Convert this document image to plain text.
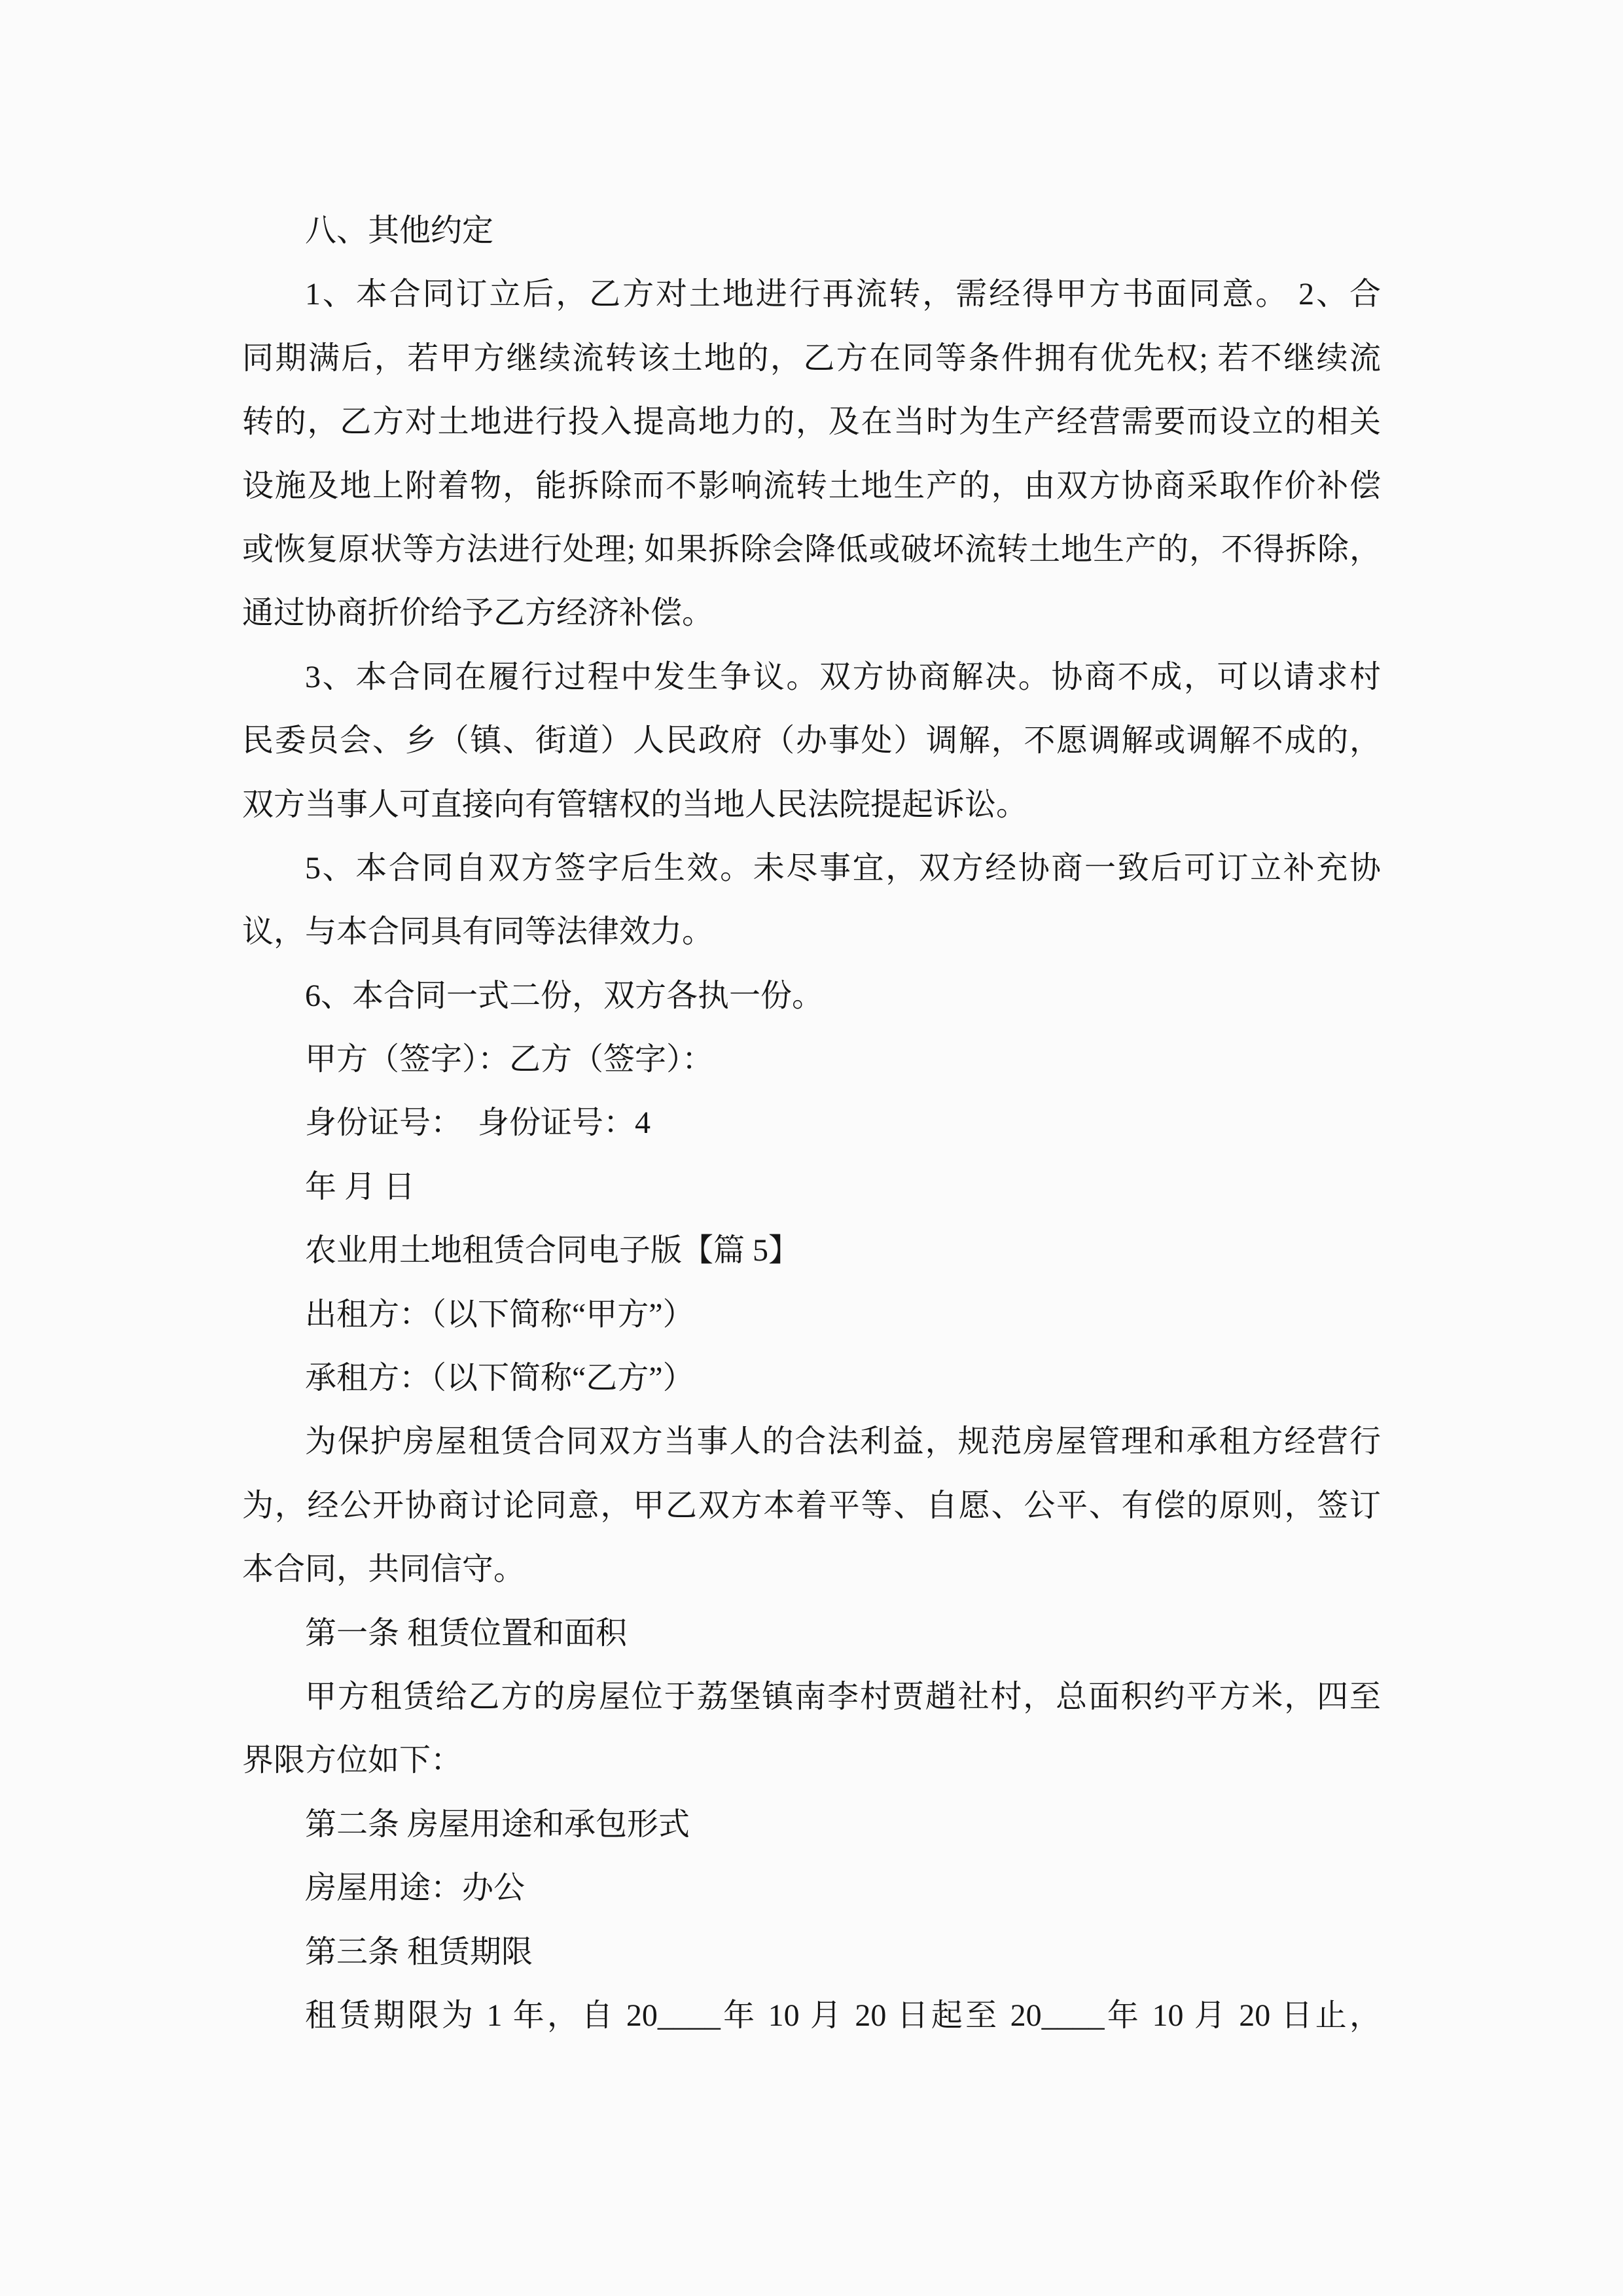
八、其他约定
1、本合同订立后，乙方对土地进行再流转，需经得甲方书面同意。 2、合
同期满后，若甲方继续流转该土地的，乙方在同等条件拥有优先权; 若不继续流
转的，乙方对土地进行投入提高地力的，及在当时为生产经营需要而设立的相关
设施及地上附着物，能拆除而不影响流转土地生产的，由双方协商采取作价补偿
或恢复原状等方法进行处理; 如果拆除会降低或破坏流转土地生产的，不得拆除，
通过协商折价给予乙方经济补偿。
3、本合同在履行过程中发生争议。双方协商解决。协商不成，可以请求村
民委员会、乡（镇、街道）人民政府（办事处）调解，不愿调解或调解不成的，
双方当事人可直接向有管辖权的当地人民法院提起诉讼。
5、本合同自双方签字后生效。未尽事宜，双方经协商一致后可订立补充协
议，与本合同具有同等法律效力。
6、本合同一式二份，双方各执一份。
甲方（签字）：乙方（签字）：
身份证号：  身份证号：4
年 月 日
农业用土地租赁合同电子版【篇 5】
出租方：（以下简称“甲方”）
承租方：（以下简称“乙方”）
为保护房屋租赁合同双方当事人的合法利益，规范房屋管理和承租方经营行
为，经公开协商讨论同意，甲乙双方本着平等、自愿、公平、有偿的原则，签订
本合同，共同信守。
第一条 租赁位置和面积
甲方租赁给乙方的房屋位于荔堡镇南李村贾趙社村，总面积约平方米，四至
界限方位如下：
第二条 房屋用途和承包形式
房屋用途：办公
第三条 租赁期限
租赁期限为 1 年，自 20____年 10 月 20 日起至 20____年 10 月 20 日止，
